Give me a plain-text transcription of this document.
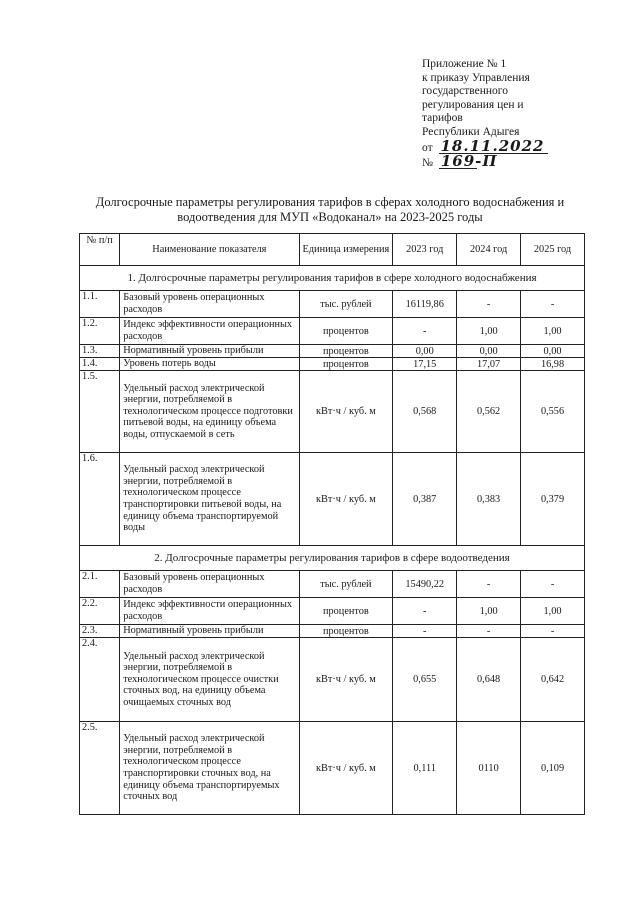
Приложение № 1
к приказу Управления
государственного
регулирования цен и
тарифов
Республики Адыгея
от 18.11.2022
№ 169-П
Долгосрочные параметры регулирования тарифов в сферах холодного водоснабжения и водоотведения для МУП «Водоканал» на 2023-2025 годы
№ п/п	Наименование показателя	Единица измерения	2023 год	2024 год	2025 год
1. Долгосрочные параметры регулирования тарифов в сфере холодного водоснабжения					
1.1.	Базовый уровень операционных расходов	тыс. рублей	16119,86	-	-
1.2.	Индекс эффективности операционных расходов	процентов	-	1,00	1,00
1.3.	Нормативный уровень прибыли	процентов	0,00	0,00	0,00
1.4.	Уровень потерь воды	процентов	17,15	17,07	16,98
1.5.	Удельный расход электрической энергии, потребляемой в технологическом процессе подготовки питьевой воды, на единицу объема воды, отпускаемой в сеть	кВт·ч / куб. м	0,568	0,562	0,556
1.6.	Удельный расход электрической энергии, потребляемой в технологическом процессе транспортировки питьевой воды, на единицу объема транспортируемой воды	кВт·ч / куб. м	0,387	0,383	0,379
2. Долгосрочные параметры регулирования тарифов в сфере водоотведения					
2.1.	Базовый уровень операционных расходов	тыс. рублей	15490,22	-	-
2.2.	Индекс эффективности операционных расходов	процентов	-	1,00	1,00
2.3.	Нормативный уровень прибыли	процентов	-	-	-
2.4.	Удельный расход электрической энергии, потребляемой в технологическом процессе очистки сточных вод, на единицу объема очищаемых сточных вод	кВт·ч / куб. м	0,655	0,648	0,642
2.5.	Удельный расход электрической энергии, потребляемой в технологическом процессе транспортировки сточных вод, на единицу объема транспортируемых сточных вод	кВт·ч / куб. м	0,111	0110	0,109
